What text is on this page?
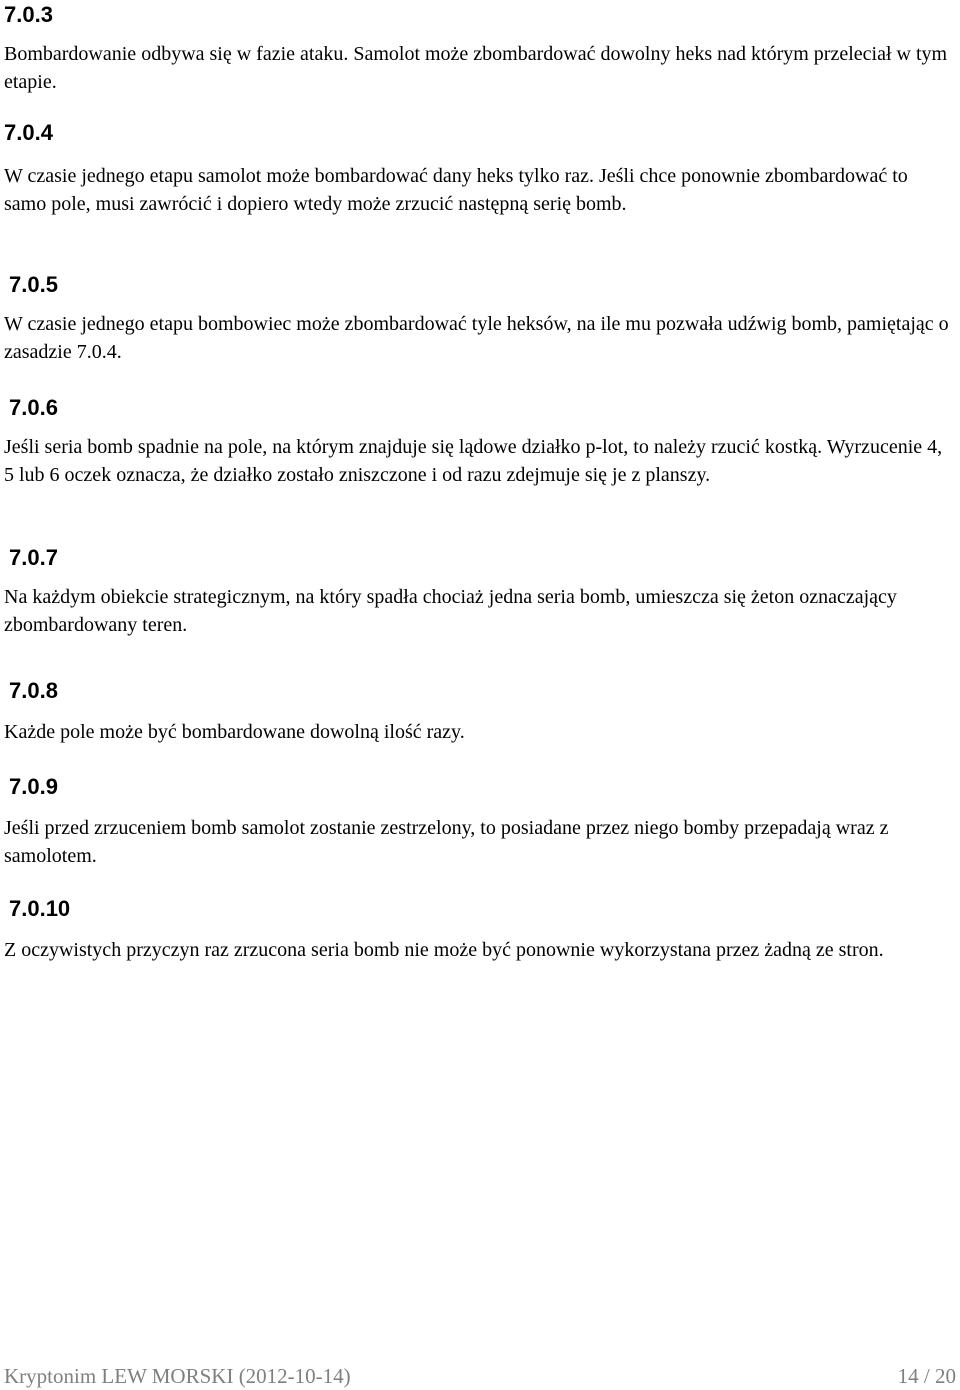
7.0.3

Bombardowanie odbywa się w fazie ataku. Samolot może zbombardować dowolny heks nad którym przeleciał w tym etapie.

7.0.4

W czasie jednego etapu samolot może bombardować dany heks tylko raz. Jeśli chce ponownie zbombardować to samo pole, musi zawrócić i dopiero wtedy może zrzucić następną serię bomb.

7.0.5

W czasie jednego etapu bombowiec może zbombardować tyle heksów, na ile mu pozwała udźwig bomb, pamiętając o zasadzie 7.0.4.

7.0.6

Jeśli seria bomb spadnie na pole, na którym znajduje się lądowe działko p-lot, to należy rzucić kostką. Wyrzucenie 4, 5 lub 6 oczek oznacza, że działko zostało zniszczone i od razu zdejmuje się je z planszy.

7.0.7

Na każdym obiekcie strategicznym, na który spadła chociaż jedna seria bomb, umieszcza się żeton oznaczający zbombardowany teren.

7.0.8

Każde pole może być bombardowane dowolną ilość razy.

7.0.9

Jeśli przed zrzuceniem bomb samolot zostanie zestrzelony, to posiadane przez niego bomby przepadają wraz z samolotem.

7.0.10

Z oczywistych przyczyn raz zrzucona seria bomb nie może być ponownie wykorzystana przez żadną ze stron.

Kryptonim LEW MORSKI (2012-10-14)	14 / 20
